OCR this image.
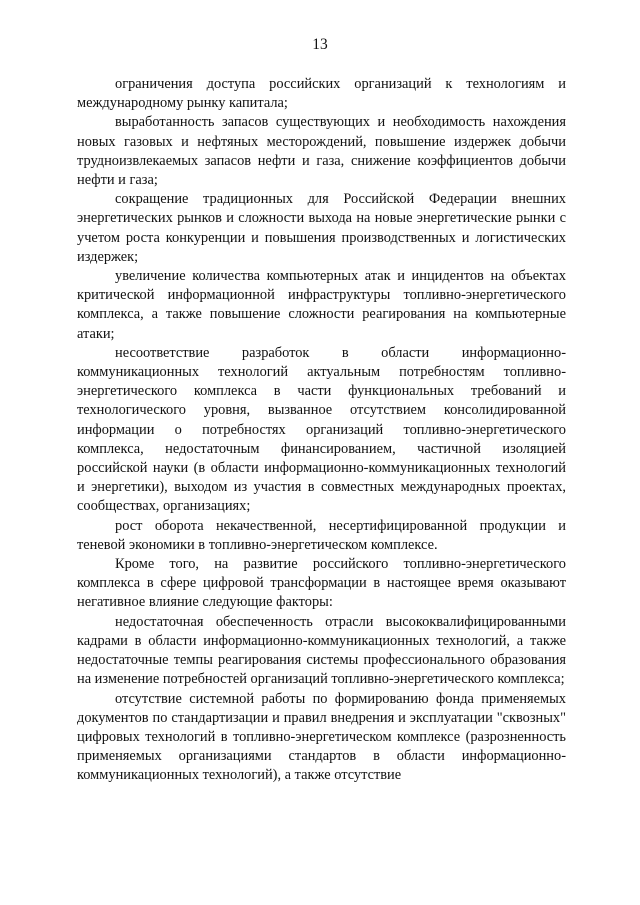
13

ограничения доступа российских организаций к технологиям и международному рынку капитала;

выработанность запасов существующих и необходимость нахождения новых газовых и нефтяных месторождений, повышение издержек добычи трудноизвлекаемых запасов нефти и газа, снижение коэффициентов добычи нефти и газа;

сокращение традиционных для Российской Федерации внешних энергетических рынков и сложности выхода на новые энергетические рынки с учетом роста конкуренции и повышения производственных и логистических издержек;

увеличение количества компьютерных атак и инцидентов на объектах критической информационной инфраструктуры топливно-энергетического комплекса, а также повышение сложности реагирования на компьютерные атаки;

несоответствие разработок в области информационно-коммуникационных технологий актуальным потребностям топливно-энергетического комплекса в части функциональных требований и технологического уровня, вызванное отсутствием консолидированной информации о потребностях организаций топливно-энергетического комплекса, недостаточным финансированием, частичной изоляцией российской науки (в области информационно-коммуникационных технологий и энергетики), выходом из участия в совместных международных проектах, сообществах, организациях;

рост оборота некачественной, несертифицированной продукции и теневой экономики в топливно-энергетическом комплексе.

Кроме того, на развитие российского топливно-энергетического комплекса в сфере цифровой трансформации в настоящее время оказывают негативное влияние следующие факторы:

недостаточная обеспеченность отрасли высококвалифицированными кадрами в области информационно-коммуникационных технологий, а также недостаточные темпы реагирования системы профессионального образования на изменение потребностей организаций топливно-энергетического комплекса;

отсутствие системной работы по формированию фонда применяемых документов по стандартизации и правил внедрения и эксплуатации "сквозных" цифровых технологий в топливно-энергетическом комплексе (разрозненность применяемых организациями стандартов в области информационно-коммуникационных технологий), а также отсутствие
